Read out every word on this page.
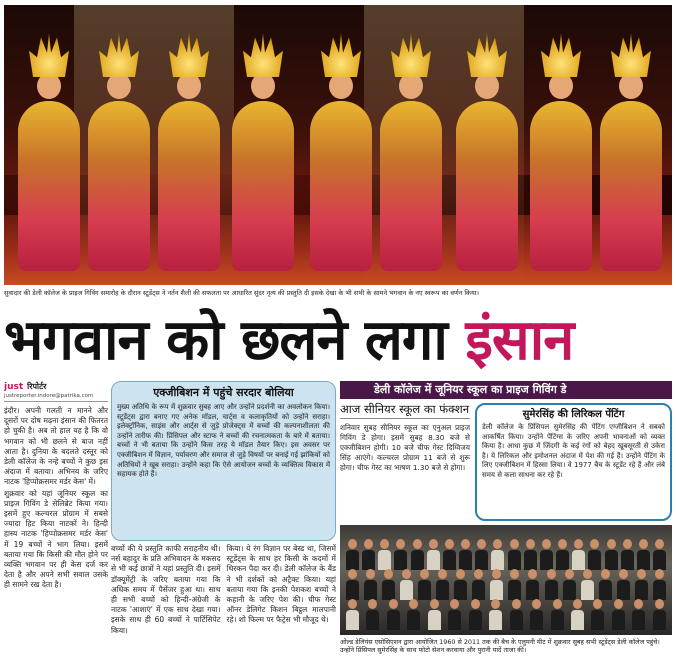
सुवादार की डेली कॉलेज के प्राइज गिविंग समारोह के दौरान स्टूडेंट्स ने नर्तन शैली की सफलता पर आधारित सुंदर नृत्य की प्रस्तुति दी इसके देखा के भी सभी के सामने भगवान के नए स्वरूप का वर्णन किया।
भगवान को छलने लगा इंसान
just रिपोर्टर
justreporter.indore@patrika.com

इंदौर। अपनी गलती न मानने और दूसरों पर दोष मढ़ना इंसान की फितरत हो चुकी है। अब तो हाल यह है कि वो भगवान को भी छलने से बाज नहीं आता है। दुनिया के बदलते दस्तूर को डेली कॉलेज के नन्हे बच्चों ने कुछ इस अंदाज में बताया। अभिनय के जरिए नाटक 'हिप्पोक्रसमर मर्डर केस' में।

शुक्रवार को यहां जूनियर स्कूल का प्राइज गिविंग डे सेलिब्रेट किया गया। इसमें हुए कल्चरल प्रोग्राम में सबसे ज्यादा हिट किया नाटकों ने। हिन्दी हास्य नाटक 'हिप्पोक्रसमर मर्डर केस' में 19 बच्चों ने भाग लिया। इसमें बताया गया कि किसी की मौत होने पर व्यक्ति भगवान पर ही केस दर्ज कर देता है और अपने सभी सवाल उसके ही सामने रख देता है।

एक्जीबिशन में पहुंचे सरदार बोलिया
मुख्य अतिथि के रूप में शुक्रवार सुबह आए और उन्होंने प्रदर्शनी का अवलोकन किया। स्टूडेंट्स द्वारा बनाए गए अनेक मॉडल, चार्ट्स व कलाकृतियों को उन्होंने सराहा। इलेक्ट्रॉनिक, साइंस और आर्ट्स से जुड़े प्रोजेक्ट्स में बच्चों की कल्पनाशीलता की उन्होंने तारीफ की। प्रिंसिपल और स्टाफ ने बच्चों की रचनात्मकता के बारे में बताया। बच्चों ने भी बताया कि उन्होंने किस तरह ये मॉडल तैयार किए। इस अवसर पर एक्जीबिशन में विज्ञान, पर्यावरण और समाज से जुड़े विषयों पर बनाई गई झांकियों को अतिथियों ने खूब सराहा। उन्होंने कहा कि ऐसे आयोजन बच्चों के व्यक्तित्व विकास में सहायक होते हैं।
बच्चों की ये प्रस्तुति काफी सराहनीय थी। नर्स बहादुर के प्रति अभिवादन के मकसद से भी कई छात्रों ने यहां प्रस्तुति दी। इसमें डॉक्यूमेंट्री के जरिए बताया गया कि अधिक समय में पैसेंजर हुआ था। साथ ही सभी बच्चों को हिन्दी-अंग्रेजी के नाटक 'आशाएं' में एक साथ देखा गया। इसके साथ ही 60 बच्चों ने पार्टिसिपेट किया।
किया। ये रंग विज्ञान पर बेस्ड था, जिसमें स्टूडेंट्स के साथ हर किसी के कदमों में थिरकन पैदा कर दी। डेली कॉलेज के बैंड ने भी दर्शकों को अट्रैक्ट किया। यहां बताया गया कि इनकी पेशकश बच्चों ने कहानी के जरिए पेश की। चीफ गेस्ट ऑनर डेलिगेट किशन बिट्ठल मालपानी रहे। शो फिल्म पर फैट्रेस भी मौजूद थे।
डेली कॉलेज में जूनियर स्कूल का प्राइज गिविंग डे
आज सीनियर स्कूल का फंक्शन
शनिवार सुबह सीनियर स्कूल का एनुअल प्राइज गिविंग डे होगा। इसमें सुबह 8.30 बजे से एक्जीबिशन होगी। 10 बजे चीफ गेस्ट दिग्विजय सिंह आएंगे। कल्चरल प्रोग्राम 11 बजे से शुरू होगा। चीफ गेस्ट का भाषण 1.30 बजे से होगा।
सुमेरसिंह की लिरिकल पेंटिंग
डेली कॉलेज के प्रिंसिपल सुमेरसिंह की पेंटिंग एग्जीबिशन ने सबको आकर्षित किया। उन्होंने पेंटिंग्स के जरिए अपनी भावनाओं को व्यक्त किया है। आधा कुछ में जिंदगी के कई रंगों को बेहद खूबसूरती से उकेरा है। ये लिरिकल और इमोशनल अंदाज में पेश की गई हैं। उन्होंने पेंटिंग के लिए एक्जीबिशन में हिस्सा लिया। वे 1977 बैच के स्टूडेंट रहे हैं और लंबे समय से कला साधना कर रहे हैं।
ओल्ड डेलियंस एसोसिएशन द्वारा आयोजित 1960 से 2011 तक की बैच के एलुमनी मीट में शुक्रवार सुबह सभी स्टूडेंट्स डेली कॉलेज पहुंचे। उन्होंने प्रिंसिपल सुमेरसिंह के साथ फोटो सेशन करवाया और पुरानी यादें ताजा कीं।
